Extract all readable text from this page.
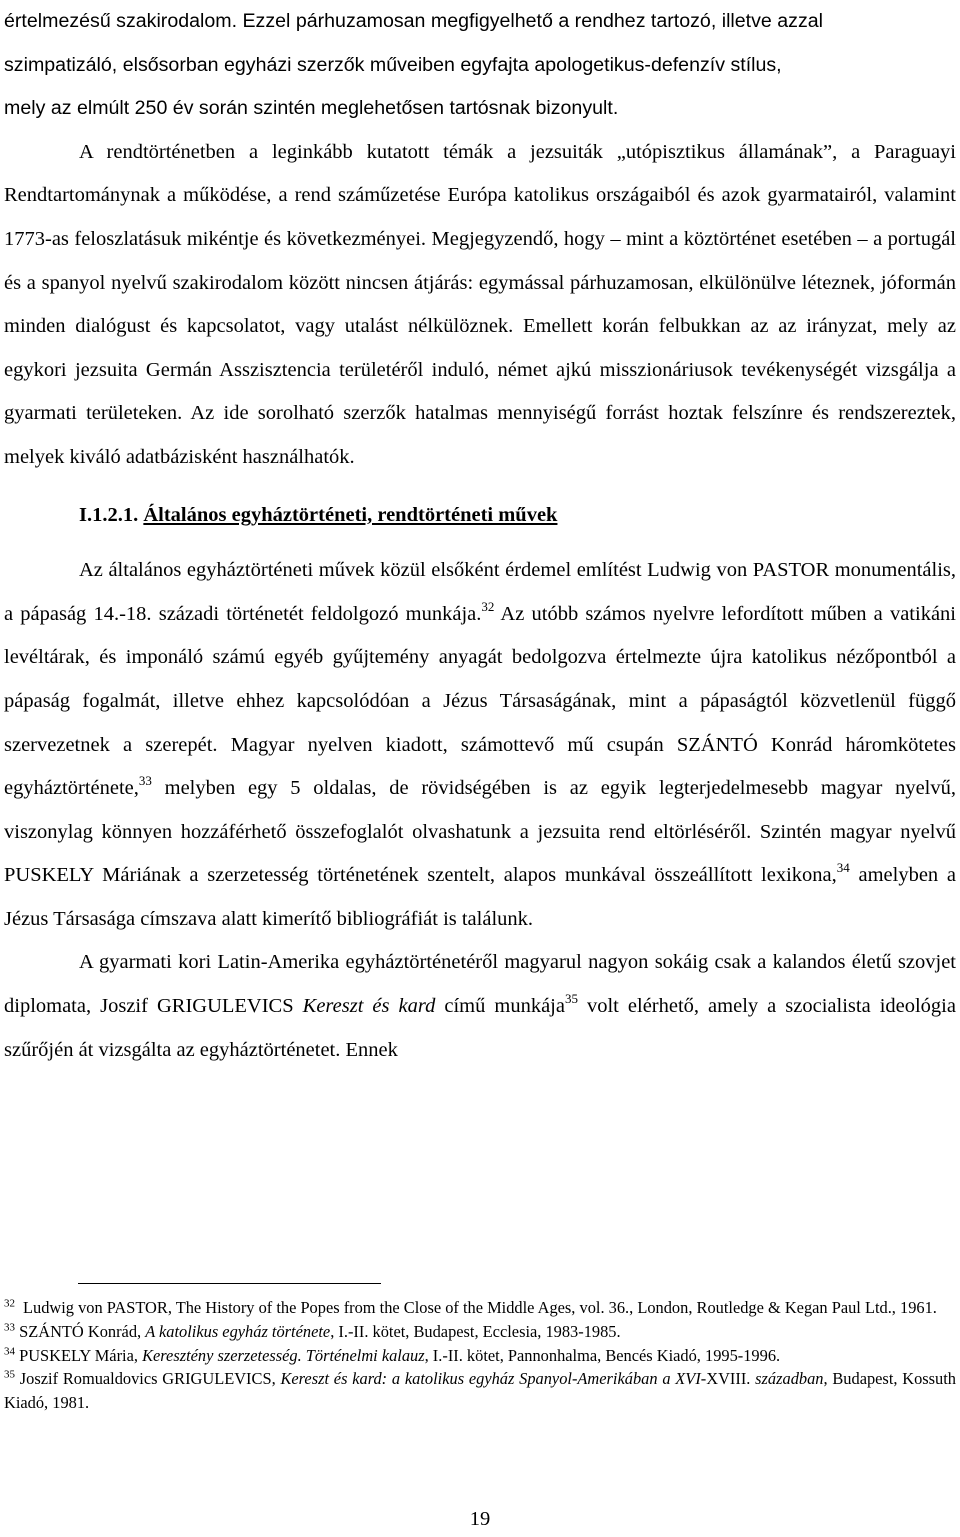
értelmezésű szakirodalom. Ezzel párhuzamosan megfigyelhető a rendhez tartozó, illetve azzal
szimpatizáló, elsősorban egyházi szerzők műveiben egyfajta apologetikus-defenzív stílus,
mely az elmúlt 250 év során szintén meglehetősen tartósnak bizonyult.

A rendtörténetben a leginkább kutatott témák a jezsuiták „utópisztikus államának”, a Paraguayi Rendtartománynak a működése, a rend száműzetése Európa katolikus országaiból és azok gyarmatairól, valamint 1773-as feloszlatásuk mikéntje és következményei. Megjegyzendő, hogy – mint a köztörténet esetében – a portugál és a spanyol nyelvű szakirodalom között nincsen átjárás: egymással párhuzamosan, elkülönülve léteznek, jóformán minden dialógust és kapcsolatot, vagy utalást nélkülöznek. Emellett korán felbukkan az az irányzat, mely az egykori jezsuita Germán Asszisztencia területéről induló, német ajkú misszionáriusok tevékenységét vizsgálja a gyarmati területeken. Az ide sorolható szerzők hatalmas mennyiségű forrást hoztak felszínre és rendszereztek, melyek kiváló adatbázisként használhatók.

I.1.2.1. Általános egyháztörténeti, rendtörténeti művek

Az általános egyháztörténeti művek közül elsőként érdemel említést Ludwig von PASTOR monumentális, a pápaság 14.-18. századi történetét feldolgozó munkája.$^{32}$ Az utóbb számos nyelvre lefordított műben a vatikáni levéltárak, és imponáló számú egyéb gyűjtemény anyagát bedolgozva értelmezte újra katolikus nézőpontból a pápaság fogalmát, illetve ehhez kapcsolódóan a Jézus Társaságának, mint a pápaságtól közvetlenül függő szervezetnek a szerepét. Magyar nyelven kiadott, számottevő mű csupán SZÁNTÓ Konrád háromkötetes egyháztörténete,$^{33}$ melyben egy 5 oldalas, de rövidségében is az egyik legterjedelmesebb magyar nyelvű, viszonylag könnyen hozzáférhető összefoglalót olvashatunk a jezsuita rend eltörléséről. Szintén magyar nyelvű PUSKELY Máriának a szerzetesség történetének szentelt, alapos munkával összeállított lexikona,$^{34}$ amelyben a Jézus Társasága címszava alatt kimerítő bibliográfiát is találunk.

A gyarmati kori Latin-Amerika egyháztörténetéről magyarul nagyon sokáig csak a kalandos életű szovjet diplomata, Joszif GRIGULEVICS Kereszt és kard című munkája$^{35}$ volt elérhető, amely a szocialista ideológia szűrőjén át vizsgálta az egyháztörténetet. Ennek

$^{32}$ Ludwig von PASTOR, The History of the Popes from the Close of the Middle Ages, vol. 36., London, Routledge & Kegan Paul Ltd., 1961.
$^{33}$ SZÁNTÓ Konrád, A katolikus egyház története, I.-II. kötet, Budapest, Ecclesia, 1983-1985.
$^{34}$ PUSKELY Mária, Keresztény szerzetesség. Történelmi kalauz, I.-II. kötet, Pannonhalma, Bencés Kiadó, 1995-1996.
$^{35}$ Joszif Romualdovics GRIGULEVICS, Kereszt és kard: a katolikus egyház Spanyol-Amerikában a XVI-XVIII. században, Budapest, Kossuth Kiadó, 1981.
19
